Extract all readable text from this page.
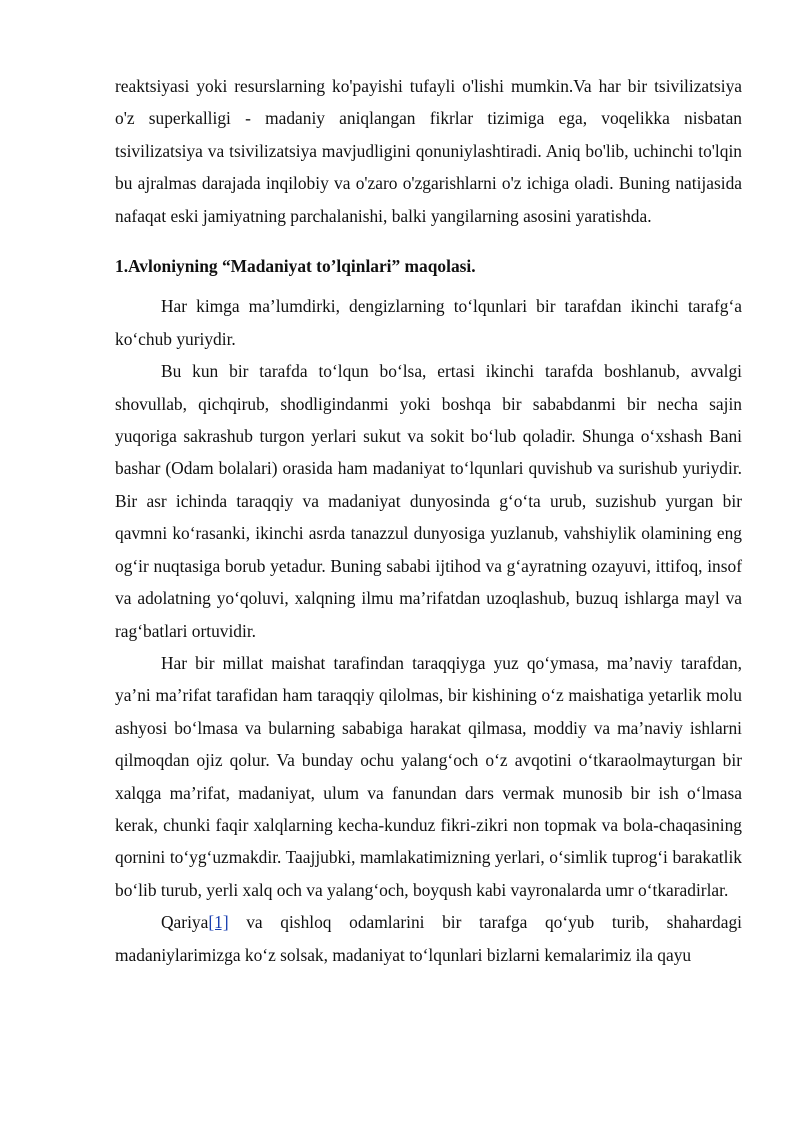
reaktsiyasi yoki resurslarning ko'payishi tufayli o'lishi mumkin.Va har bir tsivilizatsiya o'z superkalligi - madaniy aniqlangan fikrlar tizimiga ega, voqelikka nisbatan tsivilizatsiya va tsivilizatsiya mavjudligini qonuniylashtiradi. Aniq bo'lib, uchinchi to'lqin bu ajralmas darajada inqilobiy va o'zaro o'zgarishlarni o'z ichiga oladi. Buning natijasida nafaqat eski jamiyatning parchalanishi, balki yangilarning asosini yaratishda.

1.Avloniyning “Madaniyat to’lqinlari” maqolasi.

Har kimga ma’lumdirki, dengizlarning to‘lqunlari bir tarafdan ikinchi tarafg‘a ko‘chub yuriydir.

Bu kun bir tarafda to‘lqun bo‘lsa, ertasi ikinchi tarafda boshlanub, avvalgi shovullab, qichqirub, shodligindanmi yoki boshqa bir sababdanmi bir necha sajin yuqoriga sakrashub turgon yerlari sukut va sokit bo‘lub qoladir. Shunga o‘xshash Bani bashar (Odam bolalari) orasida ham madaniyat to‘lqunlari quvishub va surishub yuriydir. Bir asr ichinda taraqqiy va madaniyat dunyosinda g‘o‘ta urub, suzishub yurgan bir qavmni ko‘rasanki, ikinchi asrda tanazzul dunyosiga yuzlanub, vahshiylik olamining eng og‘ir nuqtasiga borub yetadur. Buning sababi ijtihod va g‘ayratning ozayuvi, ittifoq, insof va adolatning yo‘qoluvi, xalqning ilmu ma’rifatdan uzoqlashub, buzuq ishlarga mayl va rag‘batlari ortuvidir.

Har bir millat maishat tarafindan taraqqiyga yuz qo‘ymasa, ma’naviy tarafdan, ya’ni ma’rifat tarafidan ham taraqqiy qilolmas, bir kishining o‘z maishatiga yetarlik molu ashyosi bo‘lmasa va bularning sababiga harakat qilmasa, moddiy va ma’naviy ishlarni qilmoqdan ojiz qolur. Va bunday ochu yalang‘och o‘z avqotini o‘tkaraolmayturgan bir xalqga ma’rifat, madaniyat, ulum va fanundan dars vermak munosib bir ish o‘lmasa kerak, chunki faqir xalqlarning kecha-kunduz fikri-zikri non topmak va bola-chaqasining qornini to‘yg‘uzmakdir. Taajjubki, mamlakatimizning yerlari, o‘simlik tuprog‘i barakatlik bo‘lib turub, yerli xalq och va yalang‘och, boyqush kabi vayronalarda umr o‘tkaradirlar.

Qariya[1] va qishloq odamlarini bir tarafga qo‘yub turib, shahardagi madaniylarimizga ko‘z solsak, madaniyat to‘lqunlari bizlarni kemalarimiz ila qayu
